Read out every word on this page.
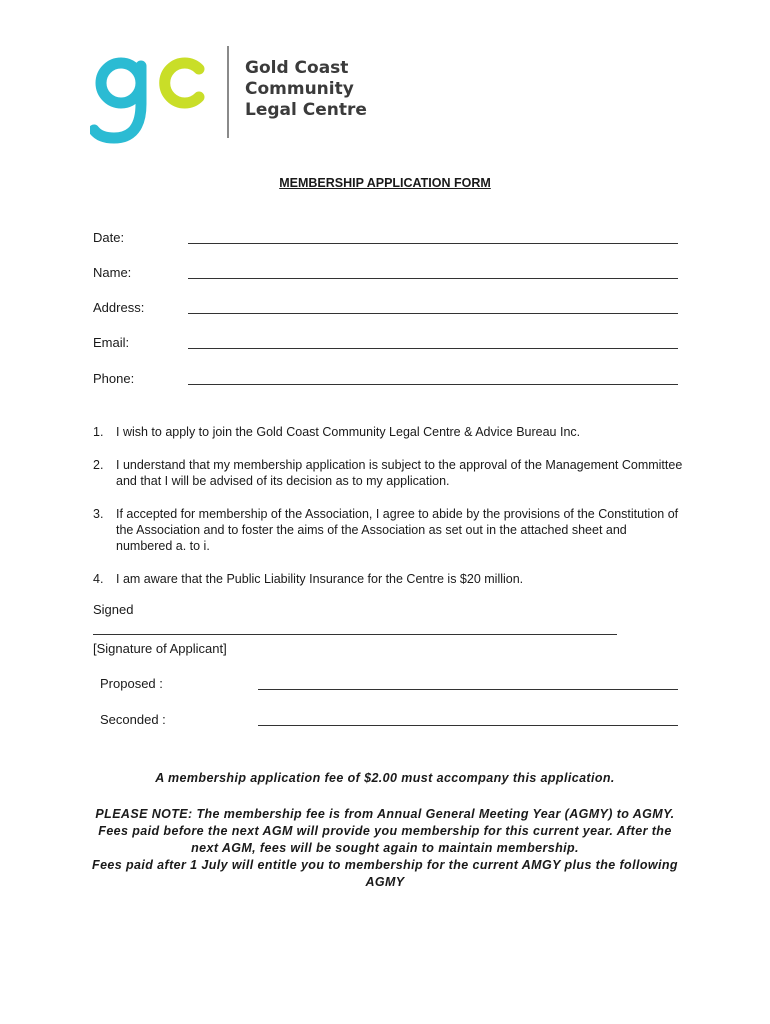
Gold Coast
Community
Legal Centre
MEMBERSHIP APPLICATION FORM
Date:
Name:
Address:
Email:
Phone:
1. I wish to apply to join the Gold Coast Community Legal Centre & Advice Bureau Inc.
2. I understand that my membership application is subject to the approval of the Management Committee and that I will be advised of its decision as to my application.
3. If accepted for membership of the Association, I agree to abide by the provisions of the Constitution of the Association and to foster the aims of the Association as set out in the attached sheet and numbered a. to i.
4. I am aware that the Public Liability Insurance for the Centre is $20 million.
Signed
[Signature of Applicant]
Proposed :
Seconded :
A membership application fee of $2.00 must accompany this application.
PLEASE NOTE: The membership fee is from Annual General Meeting Year (AGMY) to AGMY. Fees paid before the next AGM will provide you membership for this current year. After the next AGM, fees will be sought again to maintain membership.
Fees paid after 1 July will entitle you to membership for the current AMGY plus the following AGMY
